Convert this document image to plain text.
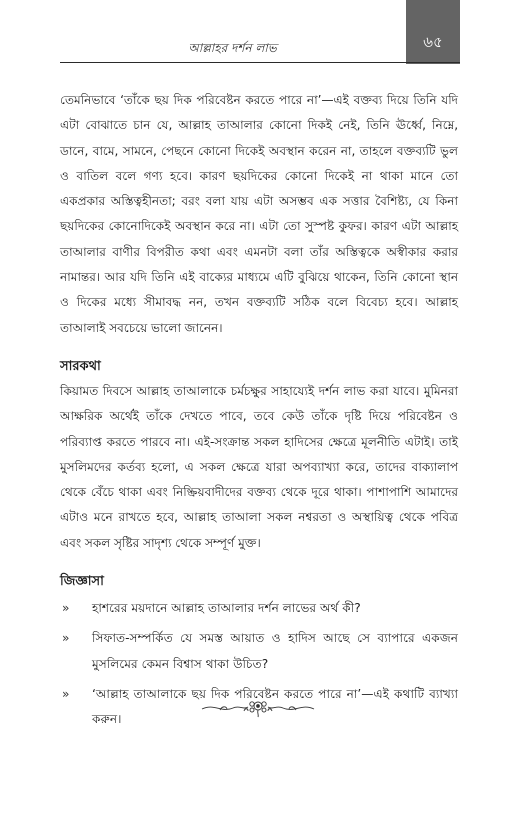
৬৫
আল্লাহর দর্শন লাভ

তেমনিভাবে ‘তাঁকে ছয় দিক পরিবেষ্টন করতে পারে না’—এই বক্তব্য দিয়ে তিনি যদি এটা বোঝাতে চান যে, আল্লাহ তাআলার কোনো দিকই নেই, তিনি ঊর্ধ্বে, নিম্নে, ডানে, বামে, সামনে, পেছনে কোনো দিকেই অবস্থান করেন না, তাহলে বক্তব্যটি ভুল ও বাতিল বলে গণ্য হবে। কারণ ছয়দিকের কোনো দিকেই না থাকা মানে তো একপ্রকার অস্তিত্বহীনতা; বরং বলা যায় এটা অসম্ভব এক সত্তার বৈশিষ্ট্য, যে কিনা ছয়দিকের কোনোদিকেই অবস্থান করে না। এটা তো সুস্পষ্ট কুফর। কারণ এটা আল্লাহ তাআলার বাণীর বিপরীত কথা এবং এমনটা বলা তাঁর অস্তিত্বকে অস্বীকার করার নামান্তর। আর যদি তিনি এই বাক্যের মাধ্যমে এটি বুঝিয়ে থাকেন, তিনি কোনো স্থান ও দিকের মধ্যে সীমাবদ্ধ নন, তখন বক্তব্যটি সঠিক বলে বিবেচ্য হবে। আল্লাহ তাআলাই সবচেয়ে ভালো জানেন।

সারকথা

কিয়ামত দিবসে আল্লাহ তাআলাকে চর্মচক্ষুর সাহায্যেই দর্শন লাভ করা যাবে। মুমিনরা আক্ষরিক অর্থেই তাঁকে দেখতে পাবে, তবে কেউ তাঁকে দৃষ্টি দিয়ে পরিবেষ্টন ও পরিব্যাপ্ত করতে পারবে না। এই-সংক্রান্ত সকল হাদিসের ক্ষেত্রে মূলনীতি এটাই। তাই মুসলিমদের কর্তব্য হলো, এ সকল ক্ষেত্রে যারা অপব্যাখ্যা করে, তাদের বাক্যালাপ থেকে বেঁচে থাকা এবং নিষ্ক্রিয়বাদীদের বক্তব্য থেকে দূরে থাকা। পাশাপাশি আমাদের এটাও মনে রাখতে হবে, আল্লাহ তাআলা সকল নশ্বরতা ও অস্থায়িত্ব থেকে পবিত্র এবং সকল সৃষ্টির সাদৃশ্য থেকে সম্পূর্ণ মুক্ত।

জিজ্ঞাসা
»	হাশরের ময়দানে আল্লাহ তাআলার দর্শন লাভের অর্থ কী?
»	সিফাত-সম্পর্কিত যে সমস্ত আয়াত ও হাদিস আছে সে ব্যাপারে একজন মুসলিমের কেমন বিশ্বাস থাকা উচিত?
»	‘আল্লাহ তাআলাকে ছয় দিক পরিবেষ্টন করতে পারে না’—এই কথাটি ব্যাখ্যা করুন।
